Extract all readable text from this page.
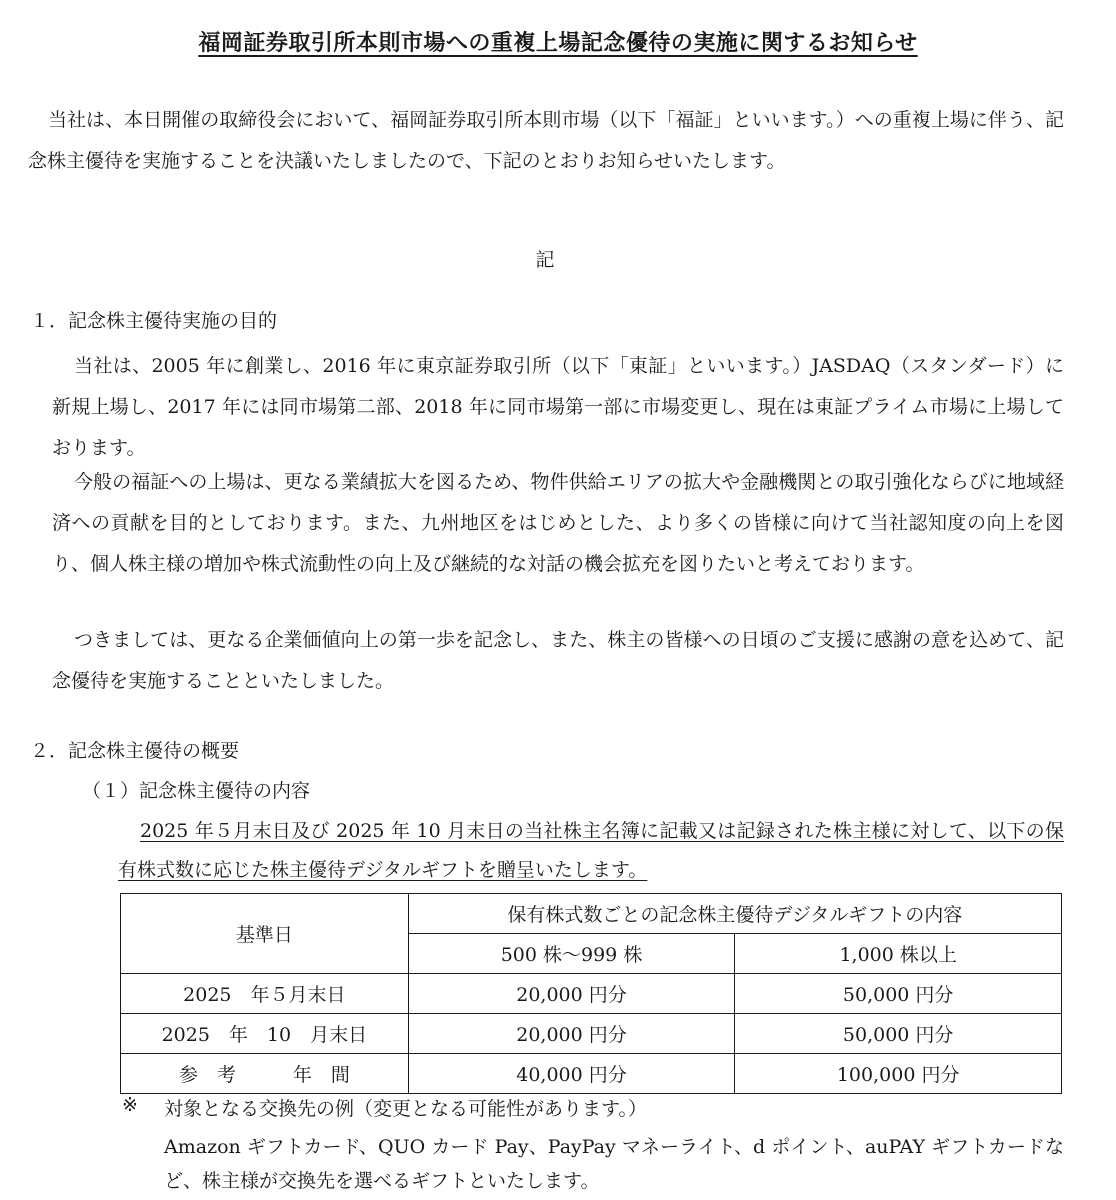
福岡証券取引所本則市場への重複上場記念優待の実施に関するお知らせ

当社は、本日開催の取締役会において、福岡証券取引所本則市場（以下「福証」といいます。）への重複上場に伴う、記念株主優待を実施することを決議いたしましたので、下記のとおりお知らせいたします。

記
１．記念株主優待実施の目的

当社は、2005 年に創業し、2016 年に東京証券取引所（以下「東証」といいます。）JASDAQ（スタンダード）に新規上場し、2017 年には同市場第二部、2018 年に同市場第一部に市場変更し、現在は東証プライム市場に上場しております。

今般の福証への上場は、更なる業績拡大を図るため、物件供給エリアの拡大や金融機関との取引強化ならびに地域経済への貢献を目的としております。また、九州地区をはじめとした、より多くの皆様に向けて当社認知度の向上を図り、個人株主様の増加や株式流動性の向上及び継続的な対話の機会拡充を図りたいと考えております。

つきましては、更なる企業価値向上の第一歩を記念し、また、株主の皆様への日頃のご支援に感謝の意を込めて、記念優待を実施することといたしました。

２．記念株主優待の概要
（１）記念株主優待の内容

2025 年５月末日及び 2025 年 10 月末日の当社株主名簿に記載又は記録された株主様に対して、以下の保有株式数に応じた株主優待デジタルギフトを贈呈いたします。

基準日	保有株式数ごとの記念株主優待デジタルギフトの内容	
	500 株～999 株	1,000 株以上
2025　年５月末日	20,000 円分	50,000 円分
2025　年　10　月末日	20,000 円分	50,000 円分
参　考　　　年　間	40,000 円分	100,000 円分
※ 対象となる交換先の例（変更となる可能性があります。）

Amazon ギフトカード、QUO カード Pay、PayPay マネーライト、d ポイント、auPAY ギフトカードなど、株主様が交換先を選べるギフトといたします。
